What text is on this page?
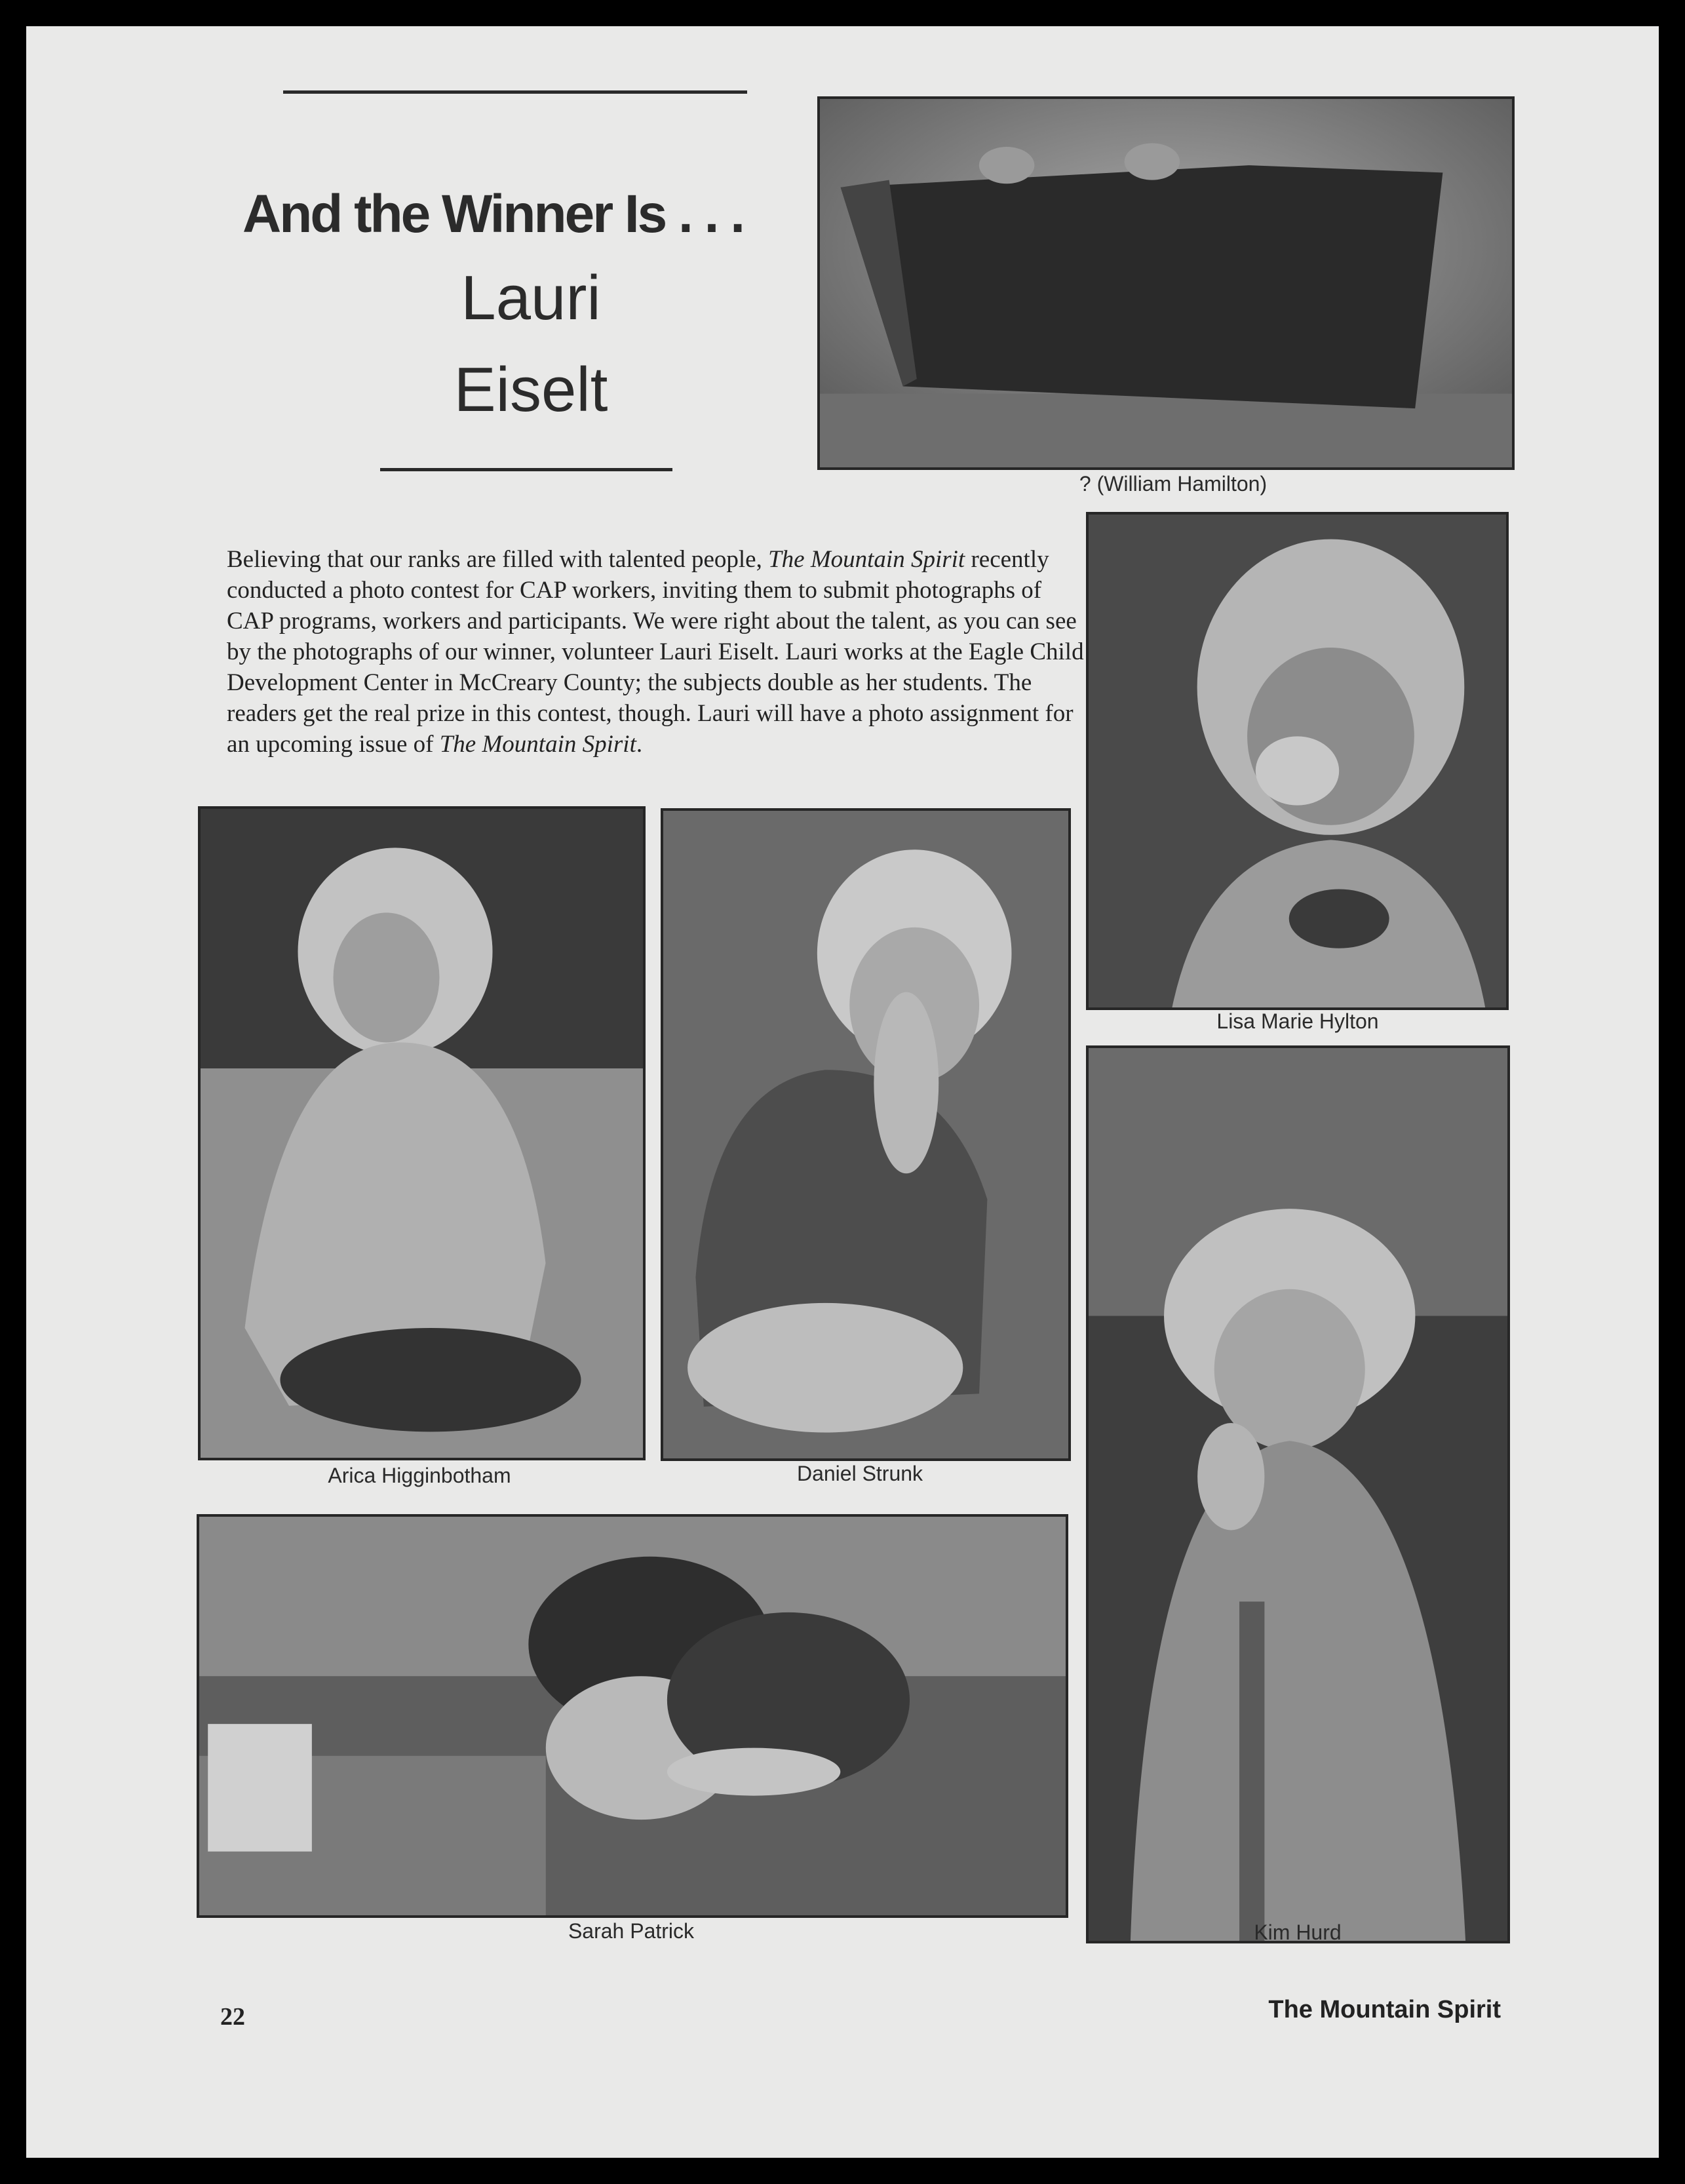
And the Winner Is . . .
Lauri
Eiselt

Believing that our ranks are filled with talented people, The Mountain Spirit recently conducted a photo contest for CAP workers, inviting them to submit photographs of CAP programs, workers and participants. We were right about the talent, as you can see by the photographs of our winner, volunteer Lauri Eiselt. Lauri works at the Eagle Child Development Center in McCreary County; the subjects double as her students. The readers get the real prize in this contest, though. Lauri will have a photo assignment for an upcoming issue of The Mountain Spirit.

? (William Hamilton)
Lisa Marie Hylton
Arica Higginbotham	Daniel Strunk
Sarah Patrick	Kim Hurd
22	The Mountain Spirit
